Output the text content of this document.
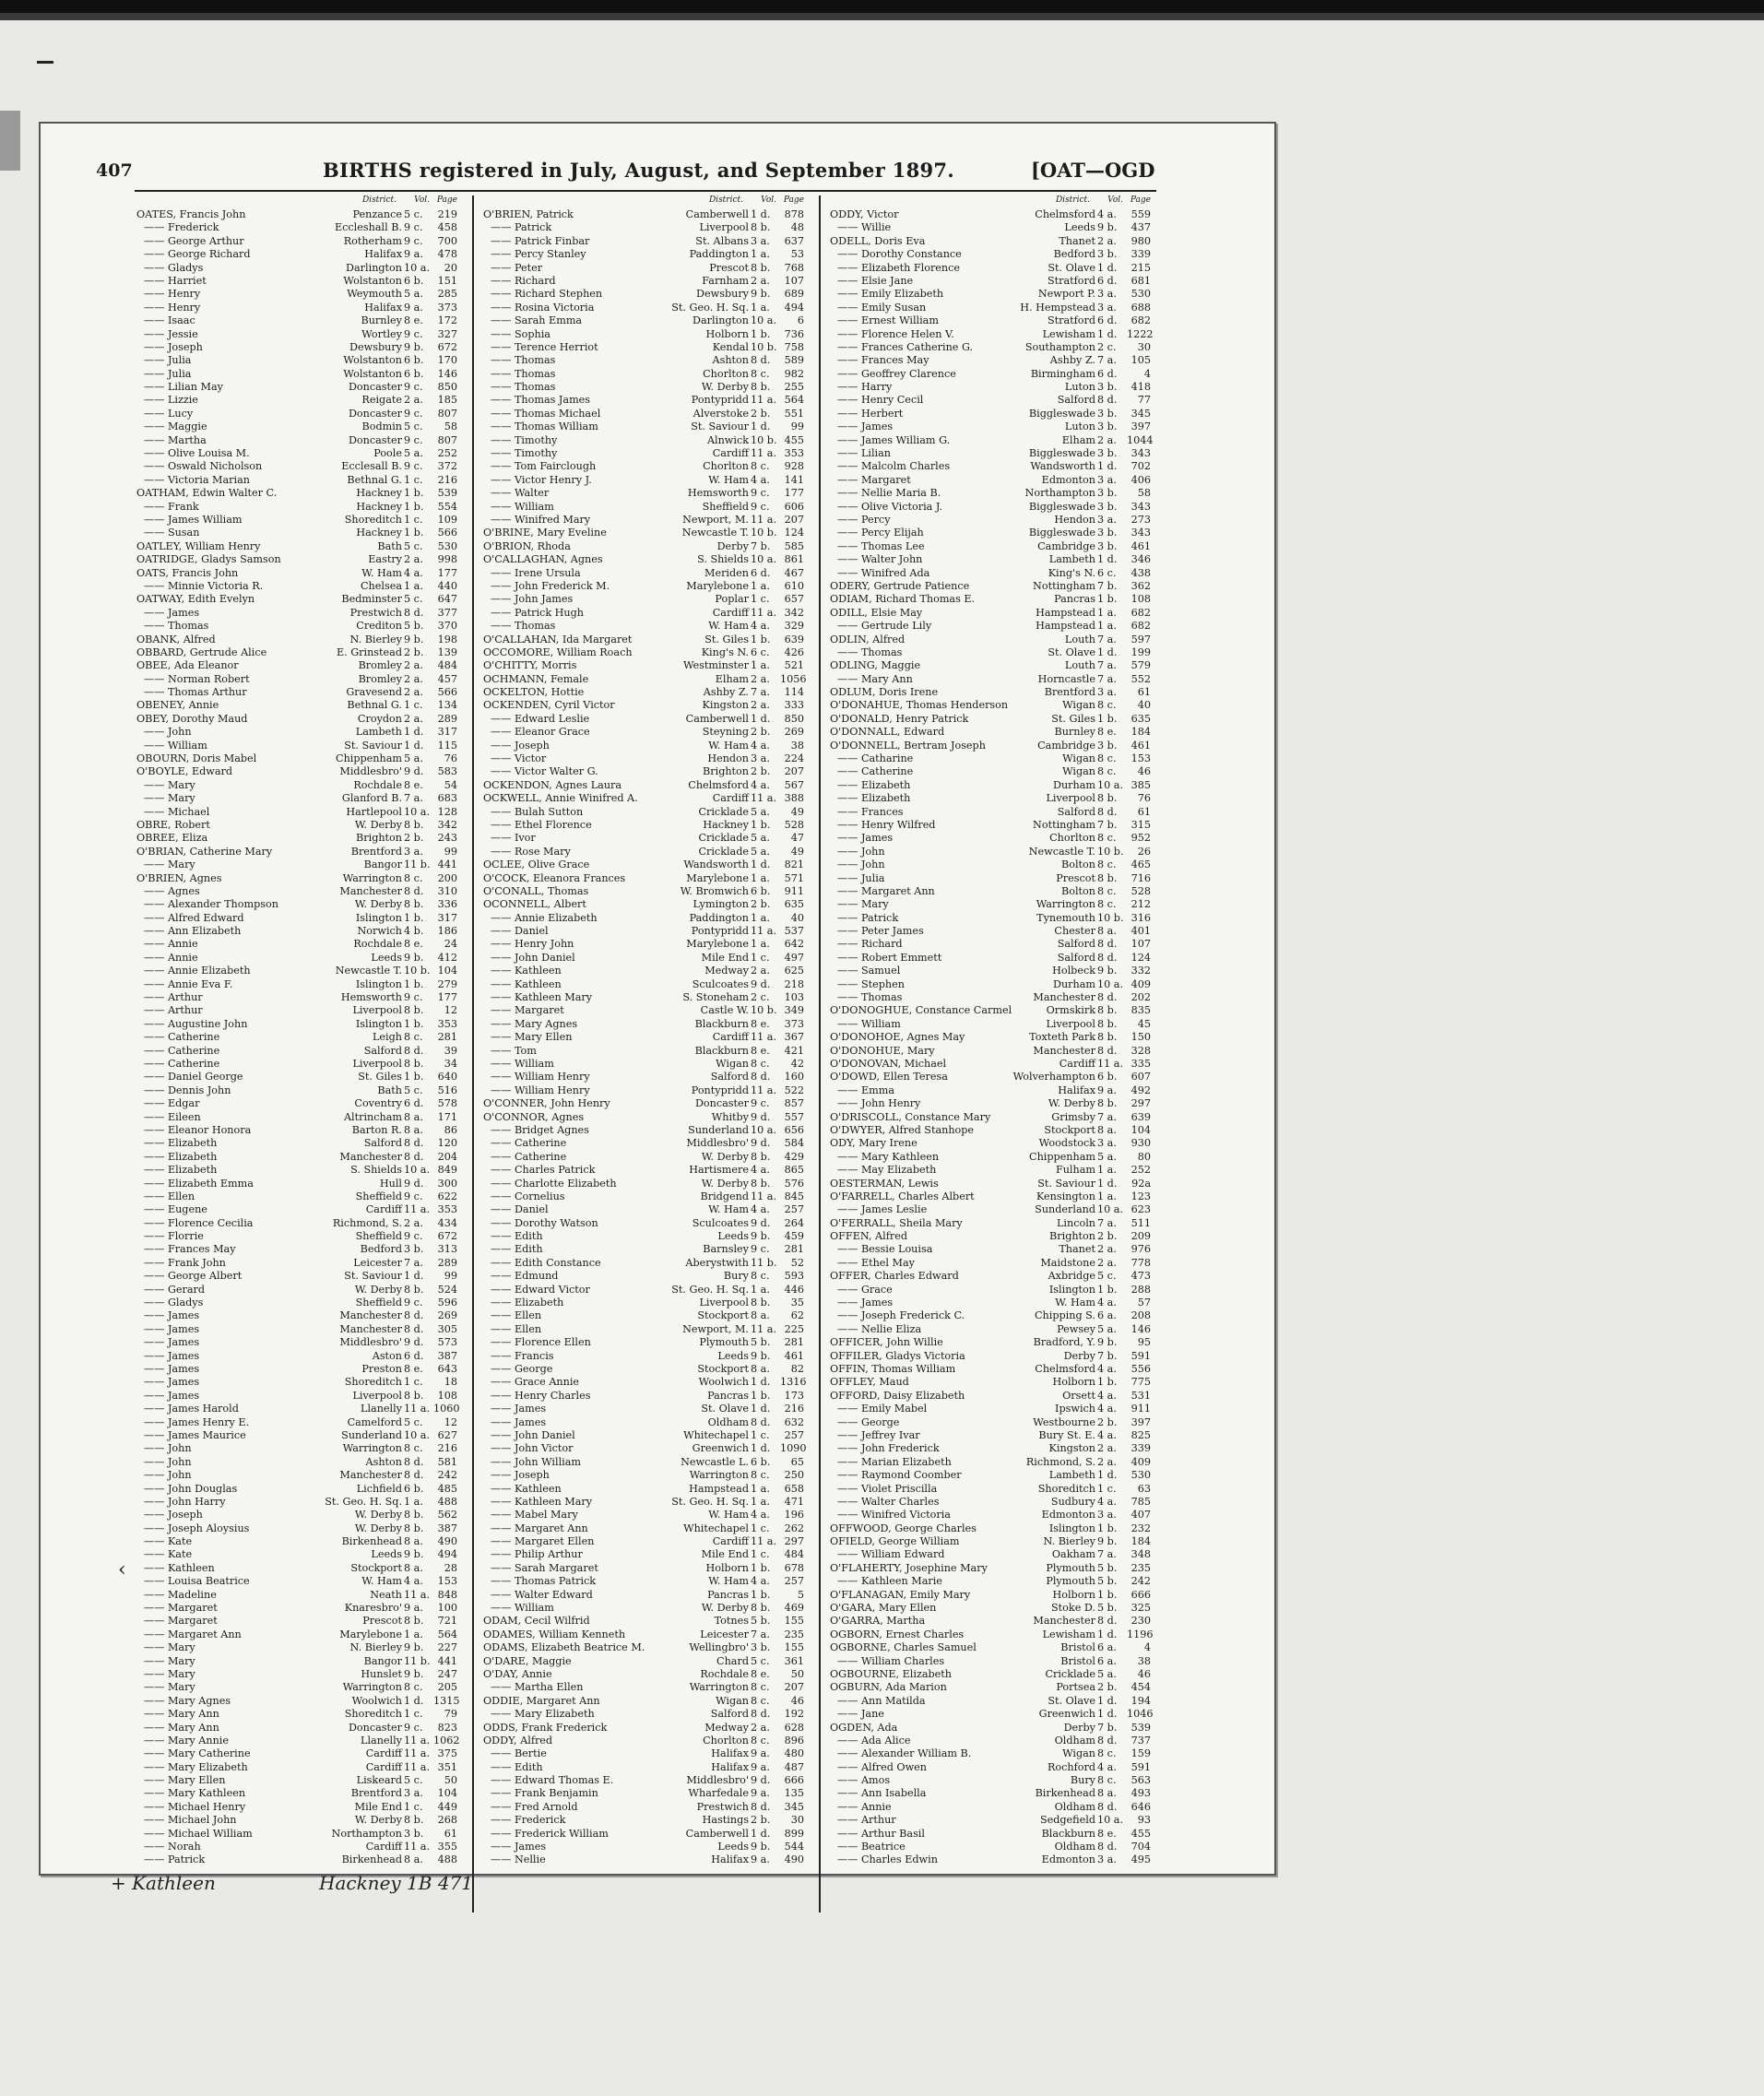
407	BIRTHS registered in July, August, and September 1897.	[OAT—OGD
District. Vol. Page
OATES, Francis John	Penzance 5 c.	219
—— Frederick	Eccleshall B. 9 c.	458
—— George Arthur	Rotherham 9 c.	700
—— George Richard	Halifax 9 a.	478
—— Gladys	Darlington 10 a.	20
—— Harriet	Wolstanton 6 b.	151
—— Henry	Weymouth 5 a.	285
—— Henry	Halifax 9 a.	373
—— Isaac	Burnley 8 e.	172
—— Jessie	Wortley 9 c.	327
—— Joseph	Dewsbury 9 b.	672
—— Julia	Wolstanton 6 b.	170
—— Julia	Wolstanton 6 b.	146
—— Lilian May	Doncaster 9 c.	850
—— Lizzie	Reigate 2 a.	185
—— Lucy	Doncaster 9 c.	807
—— Maggie	Bodmin 5 c.	58
—— Martha	Doncaster 9 c.	807
—— Olive Louisa M.	Poole 5 a.	252
—— Oswald Nicholson	Ecclesall B. 9 c.	372
—— Victoria Marian	Bethnal G. 1 c.	216
OATHAM, Edwin Walter C.	Hackney 1 b.	539
—— Frank	Hackney 1 b.	554
—— James William	Shoreditch 1 c.	109
—— Susan	Hackney 1 b.	566
OATLEY, William Henry	Bath 5 c.	530
OATRIDGE, Gladys Samson	Eastry 2 a.	998
OATS, Francis John	W. Ham 4 a.	177
—— Minnie Victoria R.	Chelsea 1 a.	440
OATWAY, Edith Evelyn	Bedminster 5 c.	647
—— James	Prestwich 8 d.	377
—— Thomas	Crediton 5 b.	370
OBANK, Alfred	N. Bierley 9 b.	198
OBBARD, Gertrude Alice	E. Grinstead 2 b.	139
OBEE, Ada Eleanor	Bromley 2 a.	484
—— Norman Robert	Bromley 2 a.	457
—— Thomas Arthur	Gravesend 2 a.	566
OBENEY, Annie	Bethnal G. 1 c.	134
OBEY, Dorothy Maud	Croydon 2 a.	289
—— John	Lambeth 1 d.	317
—— William	St. Saviour 1 d.	115
OBOURN, Doris Mabel	Chippenham 5 a.	76
O'BOYLE, Edward	Middlesbro' 9 d.	583
—— Mary	Rochdale 8 e.	54
—— Mary	Glanford B. 7 a.	683
—— Michael	Hartlepool 10 a. 128
OBRE, Robert	W. Derby 8 b.	342
OBREE, Eliza	Brighton 2 b.	243
O'BRIAN, Catherine Mary	Brentford 3 a.	99
—— Mary	Bangor 11 b. 441
O'BRIEN, Agnes	Warrington 8 c.	200
—— Agnes	Manchester 8 d.	310
—— Alexander Thompson	W. Derby 8 b.	336
—— Alfred Edward	Islington 1 b.	317
—— Ann Elizabeth	Norwich 4 b.	186
—— Annie	Rochdale 8 e.	24
—— Annie	Leeds 9 b.	412
—— Annie Elizabeth	Newcastle T. 10 b. 104
—— Annie Eva F.	Islington 1 b.	279
—— Arthur	Hemsworth 9 c.	177
—— Arthur	Liverpool 8 b.	12
—— Augustine John	Islington 1 b.	353
—— Catherine	Leigh 8 c.	281
—— Catherine	Salford 8 d.	39
—— Catherine	Liverpool 8 b.	34
—— Daniel George	St. Giles 1 b.	640
—— Dennis John	Bath 5 c.	516
—— Edgar	Coventry 6 d.	578
—— Eileen	Altrincham 8 a.	171
—— Eleanor Honora	Barton R. 8 a.	86
—— Elizabeth	Salford 8 d.	120
—— Elizabeth	Manchester 8 d.	204
—— Elizabeth	S. Shields 10 a. 849
—— Elizabeth Emma	Hull 9 d.	300
—— Ellen	Sheffield 9 c.	622
—— Eugene	Cardiff 11 a. 353
—— Florence Cecilia	Richmond, S. 2 a.	434
—— Florrie	Sheffield 9 c.	672
—— Frances May	Bedford 3 b.	313
—— Frank John	Leicester 7 a.	289
—— George Albert	St. Saviour 1 d.	99
—— Gerard	W. Derby 8 b.	524
—— Gladys	Sheffield 9 c.	596
—— James	Manchester 8 d.	269
—— James	Manchester 8 d.	305
—— James	Middlesbro' 9 d.	573
—— James	Aston 6 d.	387
—— James	Preston 8 e.	643
—— James	Shoreditch 1 c.	18
—— James	Liverpool 8 b.	108
—— James Harold	Llanelly 11 a. 1060
—— James Henry E.	Camelford 5 c.	12
—— James Maurice	Sunderland 10 a. 627
—— John	Warrington 8 c.	216
—— John	Ashton 8 d.	581
—— John	Manchester 8 d.	242
—— John Douglas	Lichfield 6 b.	485
—— John Harry	St. Geo. H. Sq. 1 a.	488
—— Joseph	W. Derby 8 b.	562
—— Joseph Aloysius	W. Derby 8 b.	387
—— Kate	Birkenhead 8 a.	490
—— Kate	Leeds 9 b.	494
—— Kathleen	Stockport 8 a.	28
—— Louisa Beatrice	W. Ham 4 a.	153
—— Madeline	Neath 11 a. 848
—— Margaret	Knaresbro' 9 a.	100
—— Margaret	Prescot 8 b.	721
—— Margaret Ann	Marylebone 1 a.	564
—— Mary	N. Bierley 9 b.	227
—— Mary	Bangor 11 b. 441
—— Mary	Hunslet 9 b.	247
—— Mary	Warrington 8 c.	205
—— Mary Agnes	Woolwich 1 d. 1315
—— Mary Ann	Shoreditch 1 c.	79
—— Mary Ann	Doncaster 9 c.	823
—— Mary Annie	Llanelly 11 a. 1062
—— Mary Catherine	Cardiff 11 a. 375
—— Mary Elizabeth	Cardiff 11 a. 351
—— Mary Ellen	Liskeard 5 c.	50
—— Mary Kathleen	Brentford 3 a.	104
—— Michael Henry	Mile End 1 c.	449
—— Michael John	W. Derby 8 b.	268
—— Michael William	Northampton 3 b.	61
—— Norah	Cardiff 11 a. 355
—— Patrick	Birkenhead 8 a.	488
District. Vol. Page
O'BRIEN, Patrick	Camberwell 1 d.	878
—— Patrick	Liverpool 8 b.	48
—— Patrick Finbar	St. Albans 3 a.	637
—— Percy Stanley	Paddington 1 a.	53
—— Peter	Prescot 8 b.	768
—— Richard	Farnham 2 a.	107
—— Richard Stephen	Dewsbury 9 b.	689
—— Rosina Victoria	St. Geo. H. Sq. 1 a.	494
—— Sarah Emma	Darlington 10 a.	6
—— Sophia	Holborn 1 b.	736
—— Terence Herriot	Kendal 10 b. 758
—— Thomas	Ashton 8 d.	589
—— Thomas	Chorlton 8 c.	982
—— Thomas	W. Derby 8 b.	255
—— Thomas James	Pontypridd 11 a. 564
—— Thomas Michael	Alverstoke 2 b.	551
—— Thomas William	St. Saviour 1 d.	99
—— Timothy	Alnwick 10 b. 455
—— Timothy	Cardiff 11 a. 353
—— Tom Fairclough	Chorlton 8 c.	928
—— Victor Henry J.	W. Ham 4 a.	141
—— Walter	Hemsworth 9 c.	177
—— William	Sheffield 9 c.	606
—— Winifred Mary	Newport, M. 11 a. 207
O'BRINE, Mary Eveline	Newcastle T. 10 b. 124
O'BRION, Rhoda	Derby 7 b.	585
O'CALLAGHAN, Agnes	S. Shields 10 a. 861
—— Irene Ursula	Meriden 6 d.	467
—— John Frederick M.	Marylebone 1 a.	610
—— John James	Poplar 1 c.	657
—— Patrick Hugh	Cardiff 11 a. 342
—— Thomas	W. Ham 4 a.	329
O'CALLAHAN, Ida Margaret	St. Giles 1 b.	639
OCCOMORE, William Roach	King's N. 6 c.	426
O'CHITTY, Morris	Westminster 1 a.	521
OCHMANN, Female	Elham 2 a. 1056
OCKELTON, Hottie	Ashby Z. 7 a.	114
OCKENDEN, Cyril Victor	Kingston 2 a.	333
—— Edward Leslie	Camberwell 1 d.	850
—— Eleanor Grace	Steyning 2 b.	269
—— Joseph	W. Ham 4 a.	38
—— Victor	Hendon 3 a.	224
—— Victor Walter G.	Brighton 2 b.	207
OCKENDON, Agnes Laura	Chelmsford 4 a.	567
OCKWELL, Annie Winifred A.	Cardiff 11 a. 388
—— Bulah Sutton	Cricklade 5 a.	49
—— Ethel Florence	Hackney 1 b.	528
—— Ivor	Cricklade 5 a.	47
—— Rose Mary	Cricklade 5 a.	49
OCLEE, Olive Grace	Wandsworth 1 d.	821
O'COCK, Eleanora Frances	Marylebone 1 a.	571
O'CONALL, Thomas	W. Bromwich 6 b.	911
OCONNELL, Albert	Lymington 2 b.	635
—— Annie Elizabeth	Paddington 1 a.	40
—— Daniel	Pontypridd 11 a. 537
—— Henry John	Marylebone 1 a.	642
—— John Daniel	Mile End 1 c.	497
—— Kathleen	Medway 2 a.	625
—— Kathleen	Sculcoates 9 d.	218
—— Kathleen Mary	S. Stoneham 2 c.	103
—— Margaret	Castle W. 10 b. 349
—— Mary Agnes	Blackburn 8 e.	373
—— Mary Ellen	Cardiff 11 a. 367
—— Tom	Blackburn 8 e.	421
—— William	Wigan 8 c.	42
—— William Henry	Salford 8 d.	160
—— William Henry	Pontypridd 11 a. 522
O'CONNER, John Henry	Doncaster 9 c.	857
O'CONNOR, Agnes	Whitby 9 d.	557
—— Bridget Agnes	Sunderland 10 a. 656
—— Catherine	Middlesbro' 9 d.	584
—— Catherine	W. Derby 8 b.	429
—— Charles Patrick	Hartismere 4 a.	865
—— Charlotte Elizabeth	W. Derby 8 b.	576
—— Cornelius	Bridgend 11 a. 845
—— Daniel	W. Ham 4 a.	257
—— Dorothy Watson	Sculcoates 9 d.	264
—— Edith	Leeds 9 b.	459
—— Edith	Barnsley 9 c.	281
—— Edith Constance	Aberystwith 11 b.	52
—— Edmund	Bury 8 c.	593
—— Edward Victor	St. Geo. H. Sq. 1 a.	446
—— Elizabeth	Liverpool 8 b.	35
—— Ellen	Stockport 8 a.	62
—— Ellen	Newport, M. 11 a. 225
—— Florence Ellen	Plymouth 5 b.	281
—— Francis	Leeds 9 b.	461
—— George	Stockport 8 a.	82
—— Grace Annie	Woolwich 1 d. 1316
—— Henry Charles	Pancras 1 b.	173
—— James	St. Olave 1 d.	216
—— James	Oldham 8 d.	632
—— John Daniel	Whitechapel 1 c.	257
—— John Victor	Greenwich 1 d. 1090
—— John William	Newcastle L. 6 b.	65
—— Joseph	Warrington 8 c.	250
—— Kathleen	Hampstead 1 a.	658
—— Kathleen Mary	St. Geo. H. Sq. 1 a.	471
—— Mabel Mary	W. Ham 4 a.	196
—— Margaret Ann	Whitechapel 1 c.	262
—— Margaret Ellen	Cardiff 11 a. 297
—— Philip Arthur	Mile End 1 c.	484
—— Sarah Margaret	Holborn 1 b.	678
—— Thomas Patrick	W. Ham 4 a.	257
—— Walter Edward	Pancras 1 b.	5
—— William	W. Derby 8 b.	469
ODAM, Cecil Wilfrid	Totnes 5 b.	155
ODAMES, William Kenneth	Leicester 7 a.	235
ODAMS, Elizabeth Beatrice M.	Wellingbro' 3 b.	155
O'DARE, Maggie	Chard 5 c.	361
O'DAY, Annie	Rochdale 8 e.	50
—— Martha Ellen	Warrington 8 c.	207
ODDIE, Margaret Ann	Wigan 8 c.	46
—— Mary Elizabeth	Salford 8 d.	192
ODDS, Frank Frederick	Medway 2 a.	628
ODDY, Alfred	Chorlton 8 c.	896
—— Bertie	Halifax 9 a.	480
—— Edith	Halifax 9 a.	487
—— Edward Thomas E.	Middlesbro' 9 d.	666
—— Frank Benjamin	Wharfedale 9 a.	135
—— Fred Arnold	Prestwich 8 d.	345
—— Frederick	Hastings 2 b.	30
—— Frederick William	Camberwell 1 d.	899
—— James	Leeds 9 b.	544
—— Nellie	Halifax 9 a.	490
District. Vol. Page
ODDY, Victor	Chelmsford 4 a.	559
—— Willie	Leeds 9 b.	437
ODELL, Doris Eva	Thanet 2 a.	980
—— Dorothy Constance	Bedford 3 b.	339
—— Elizabeth Florence	St. Olave 1 d.	215
—— Elsie Jane	Stratford 6 d.	681
—— Emily Elizabeth	Newport P. 3 a.	530
—— Emily Susan	H. Hempstead 3 a.	688
—— Ernest William	Stratford 6 d.	682
—— Florence Helen V.	Lewisham 1 d. 1222
—— Frances Catherine G.	Southampton 2 c.	30
—— Frances May	Ashby Z. 7 a.	105
—— Geoffrey Clarence	Birmingham 6 d.	4
—— Harry	Luton 3 b.	418
—— Henry Cecil	Salford 8 d.	77
—— Herbert	Biggleswade 3 b.	345
—— James	Luton 3 b.	397
—— James William G.	Elham 2 a. 1044
—— Lilian	Biggleswade 3 b.	343
—— Malcolm Charles	Wandsworth 1 d.	702
—— Margaret	Edmonton 3 a.	406
—— Nellie Maria B.	Northampton 3 b.	58
—— Olive Victoria J.	Biggleswade 3 b.	343
—— Percy	Hendon 3 a.	273
—— Percy Elijah	Biggleswade 3 b.	343
—— Thomas Lee	Cambridge 3 b.	461
—— Walter John	Lambeth 1 d.	346
—— Winifred Ada	King's N. 6 c.	438
ODERY, Gertrude Patience	Nottingham 7 b.	362
ODIAM, Richard Thomas E.	Pancras 1 b.	108
ODILL, Elsie May	Hampstead 1 a.	682
—— Gertrude Lily	Hampstead 1 a.	682
ODLIN, Alfred	Louth 7 a.	597
—— Thomas	St. Olave 1 d.	199
ODLING, Maggie	Louth 7 a.	579
—— Mary Ann	Horncastle 7 a.	552
ODLUM, Doris Irene	Brentford 3 a.	61
O'DONAHUE, Thomas Henderson	Wigan 8 c.	40
O'DONALD, Henry Patrick	St. Giles 1 b.	635
O'DONNALL, Edward	Burnley 8 e.	184
O'DONNELL, Bertram Joseph	Cambridge 3 b.	461
—— Catharine	Wigan 8 c.	153
—— Catherine	Wigan 8 c.	46
—— Elizabeth	Durham 10 a. 385
—— Elizabeth	Liverpool 8 b.	76
—— Frances	Salford 8 d.	61
—— Henry Wilfred	Nottingham 7 b.	315
—— James	Chorlton 8 c.	952
—— John	Newcastle T. 10 b.	26
—— John	Bolton 8 c.	465
—— Julia	Prescot 8 b.	716
—— Margaret Ann	Bolton 8 c.	528
—— Mary	Warrington 8 c.	212
—— Patrick	Tynemouth 10 b. 316
—— Peter James	Chester 8 a.	401
—— Richard	Salford 8 d.	107
—— Robert Emmett	Salford 8 d.	124
—— Samuel	Holbeck 9 b.	332
—— Stephen	Durham 10 a. 409
—— Thomas	Manchester 8 d.	202
O'DONOGHUE, Constance Carmel	Ormskirk 8 b.	835
—— William	Liverpool 8 b.	45
O'DONOHOE, Agnes May	Toxteth Park 8 b.	150
O'DONOHUE, Mary	Manchester 8 d.	328
O'DONOVAN, Michael	Cardiff 11 a. 335
O'DOWD, Ellen Teresa	Wolverhampton 6 b.	607
—— Emma	Halifax 9 a.	492
—— John Henry	W. Derby 8 b.	297
O'DRISCOLL, Constance Mary	Grimsby 7 a.	639
O'DWYER, Alfred Stanhope	Stockport 8 a.	104
ODY, Mary Irene	Woodstock 3 a.	930
—— Mary Kathleen	Chippenham 5 a.	80
—— May Elizabeth	Fulham 1 a.	252
OESTERMAN, Lewis	St. Saviour 1 d.	92a
O'FARRELL, Charles Albert	Kensington 1 a.	123
—— James Leslie	Sunderland 10 a. 623
O'FERRALL, Sheila Mary	Lincoln 7 a.	511
OFFEN, Alfred	Brighton 2 b.	209
—— Bessie Louisa	Thanet 2 a.	976
—— Ethel May	Maidstone 2 a.	778
OFFER, Charles Edward	Axbridge 5 c.	473
—— Grace	Islington 1 b.	288
—— James	W. Ham 4 a.	57
—— Joseph Frederick C.	Chipping S. 6 a.	208
—— Nellie Eliza	Pewsey 5 a.	146
OFFICER, John Willie	Bradford, Y. 9 b.	95
OFFILER, Gladys Victoria	Derby 7 b.	591
OFFIN, Thomas William	Chelmsford 4 a.	556
OFFLEY, Maud	Holborn 1 b.	775
OFFORD, Daisy Elizabeth	Orsett 4 a.	531
—— Emily Mabel	Ipswich 4 a.	911
—— George	Westbourne 2 b.	397
—— Jeffrey Ivar	Bury St. E. 4 a.	825
—— John Frederick	Kingston 2 a.	339
—— Marian Elizabeth	Richmond, S. 2 a.	409
—— Raymond Coomber	Lambeth 1 d.	530
—— Violet Priscilla	Shoreditch 1 c.	63
—— Walter Charles	Sudbury 4 a.	785
—— Winifred Victoria	Edmonton 3 a.	407
OFFWOOD, George Charles	Islington 1 b.	232
OFIELD, George William	N. Bierley 9 b.	184
—— William Edward	Oakham 7 a.	348
O'FLAHERTY, Josephine Mary	Plymouth 5 b.	235
—— Kathleen Marie	Plymouth 5 b.	242
O'FLANAGAN, Emily Mary	Holborn 1 b.	666
O'GARA, Mary Ellen	Stoke D. 5 b.	325
O'GARRA, Martha	Manchester 8 d.	230
OGBORN, Ernest Charles	Lewisham 1 d. 1196
OGBORNE, Charles Samuel	Bristol 6 a.	4
—— William Charles	Bristol 6 a.	38
OGBOURNE, Elizabeth	Cricklade 5 a.	46
OGBURN, Ada Marion	Portsea 2 b.	454
—— Ann Matilda	St. Olave 1 d.	194
—— Jane	Greenwich 1 d. 1046
OGDEN, Ada	Derby 7 b.	539
—— Ada Alice	Oldham 8 d.	737
—— Alexander William B.	Wigan 8 c.	159
—— Alfred Owen	Rochford 4 a.	591
—— Amos	Bury 8 c.	563
—— Ann Isabella	Birkenhead 8 a.	493
—— Annie	Oldham 8 d.	646
—— Arthur	Sedgefield 10 a.	93
—— Arthur Basil	Blackburn 8 e.	455
—— Beatrice	Oldham 8 d.	704
—— Charles Edwin	Edmonton 3 a.	495
‹
+ Kathleen	Hackney 1B 471
